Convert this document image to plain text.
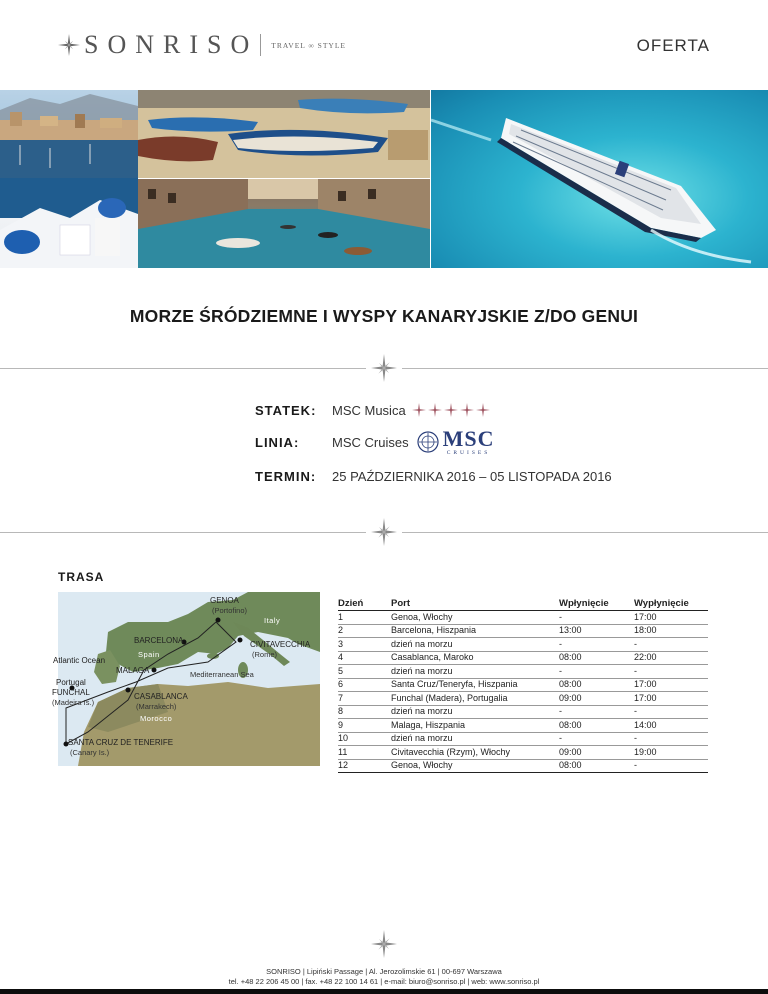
SONRISO TRAVEL ∞ STYLE	OFERTA
MORZE ŚRÓDZIEMNE I WYSPY KANARYJSKIE Z/DO GENUI
STATEK: MSC Musica
LINIA:	MSC Cruises MSC
CRUISES
TERMIN: 25 PAŹDZIERNIKA 2016 – 05 LISTOPADA 2016
TRASA
GENOA
(Portofino)
Italy
BARCELONA
Spain
CIVITAVECCHIA
(Rome)
Atlantic Ocean
MALAGA	Mediterranean Sea
Portugal
FUNCHAL
(Madeira Is.)
CASABLANCA
(Marrakech)
Morocco
SANTA CRUZ DE TENERIFE
(Canary Is.)
Dzień	Port	Wpłynięcie	Wypłynięcie
1	Genoa, Włochy	-	17:00
2	Barcelona, Hiszpania	13:00	18:00
3	dzień na morzu	-	-
4	Casablanca, Maroko	08:00	22:00
5	dzień na morzu	-	-
6	Santa Cruz/Teneryfa, Hiszpania	08:00	17:00
7	Funchal (Madera), Portugalia	09:00	17:00
8	dzień na morzu	-	-
9	Malaga, Hiszpania	08:00	14:00
10	dzień na morzu	-	-
11	Civitavecchia (Rzym), Włochy	09:00	19:00
12	Genoa, Włochy	08:00	-
SONRISO | Lipiński Passage | Al. Jerozolimskie 61 | 00-697 Warszawa
tel. +48 22 206 45 00 | fax. +48 22 100 14 61 | e-mail: biuro@sonriso.pl | web: www.sonriso.pl
